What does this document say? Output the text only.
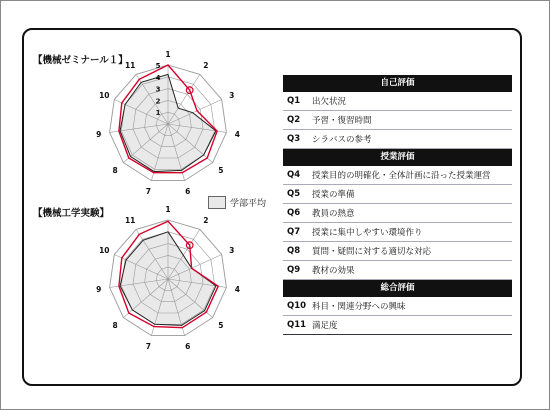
【機械ゼミナール１】
1
2
3
4
5
1
2
3
4
5
6
7
8
9
10
11
【機械工学実験】	1
2
3
4
5
6
7
8
9
10
11
学部平均
自己評価
Q1	出欠状況
Q2	予習・復習時間
Q3	シラバスの参考
授業評価
Q4	授業目的の明確化・全体計画に沿った授業運営
Q5	授業の準備
Q6	教員の熱意
Q7	授業に集中しやすい環境作り
Q8	質問・疑問に対する適切な対応
Q9	教材の効果
総合評価
Q10 科目・関連分野への興味
Q11 満足度
